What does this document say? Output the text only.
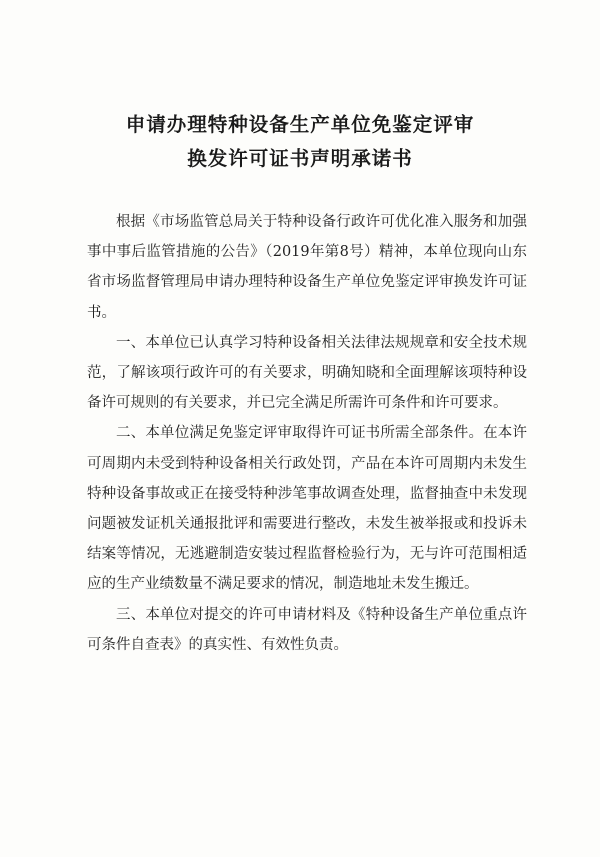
申请办理特种设备生产单位免鉴定评审
换发许可证书声明承诺书

根据《市场监管总局关于特种设备行政许可优化准入服务和加强事中事后监管措施的公告》（2019年第8号）精神，本单位现向山东省市场监督管理局申请办理特种设备生产单位免鉴定评审换发许可证书。

一、本单位已认真学习特种设备相关法律法规规章和安全技术规范，了解该项行政许可的有关要求，明确知晓和全面理解该项特种设备许可规则的有关要求，并已完全满足所需许可条件和许可要求。

二、本单位满足免鉴定评审取得许可证书所需全部条件。在本许可周期内未受到特种设备相关行政处罚，产品在本许可周期内未发生特种设备事故或正在接受特种涉笔事故调查处理，监督抽查中未发现问题被发证机关通报批评和需要进行整改，未发生被举报或和投诉未结案等情况，无逃避制造安装过程监督检验行为，无与许可范围相适应的生产业绩数量不满足要求的情况，制造地址未发生搬迁。

三、本单位对提交的许可申请材料及《特种设备生产单位重点许可条件自查表》的真实性、有效性负责。
